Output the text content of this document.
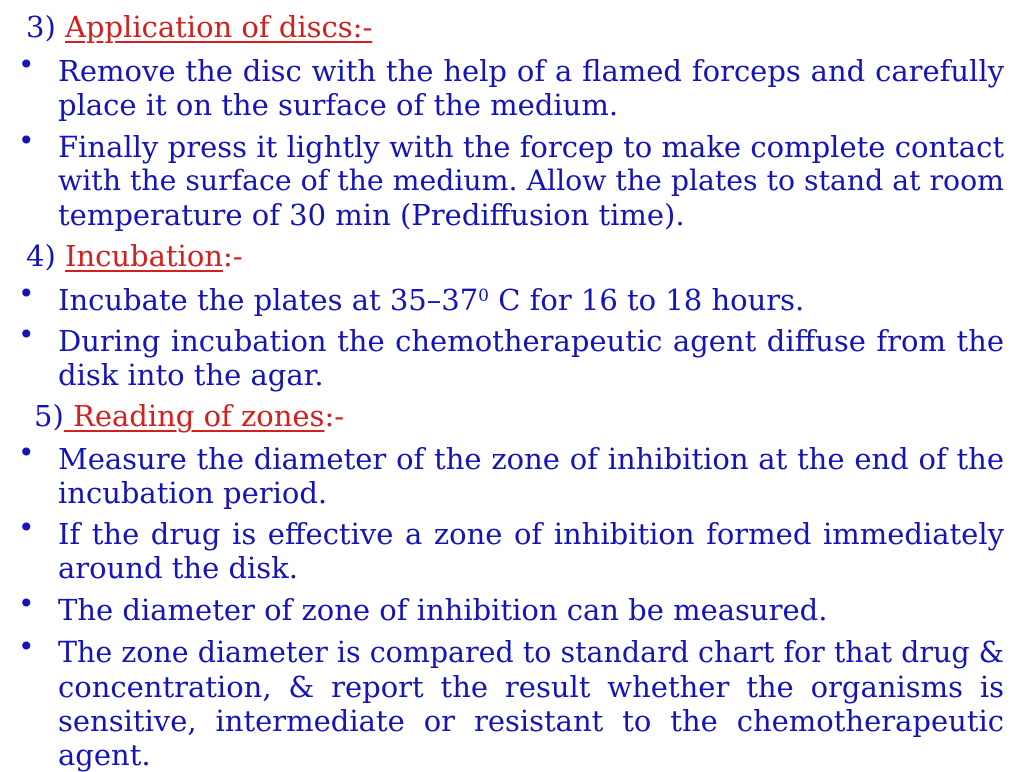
3) Application of discs:-
• Remove the disc with the help of a flamed forceps and carefully
place it on the surface of the medium.
• Finally press it lightly with the forcep to make complete contact
with the surface of the medium. Allow the plates to stand at room
temperature of 30 min (Prediffusion time).
4) Incubation:-
• Incubate the plates at $35-37^0$ C for 16 to 18 hours.
• During incubation the chemotherapeutic agent diffuse from the
disk into the agar.
5) Reading of zones:-
• Measure the diameter of the zone of inhibition at the end of the
incubation period.
• If the drug is effective a zone of inhibition formed immediately
around the disk.
• The diameter of zone of inhibition can be measured.
• The zone diameter is compared to standard chart for that drug &
concentration, & report the result whether the organisms is
sensitive, intermediate or resistant to the chemotherapeutic
agent.
